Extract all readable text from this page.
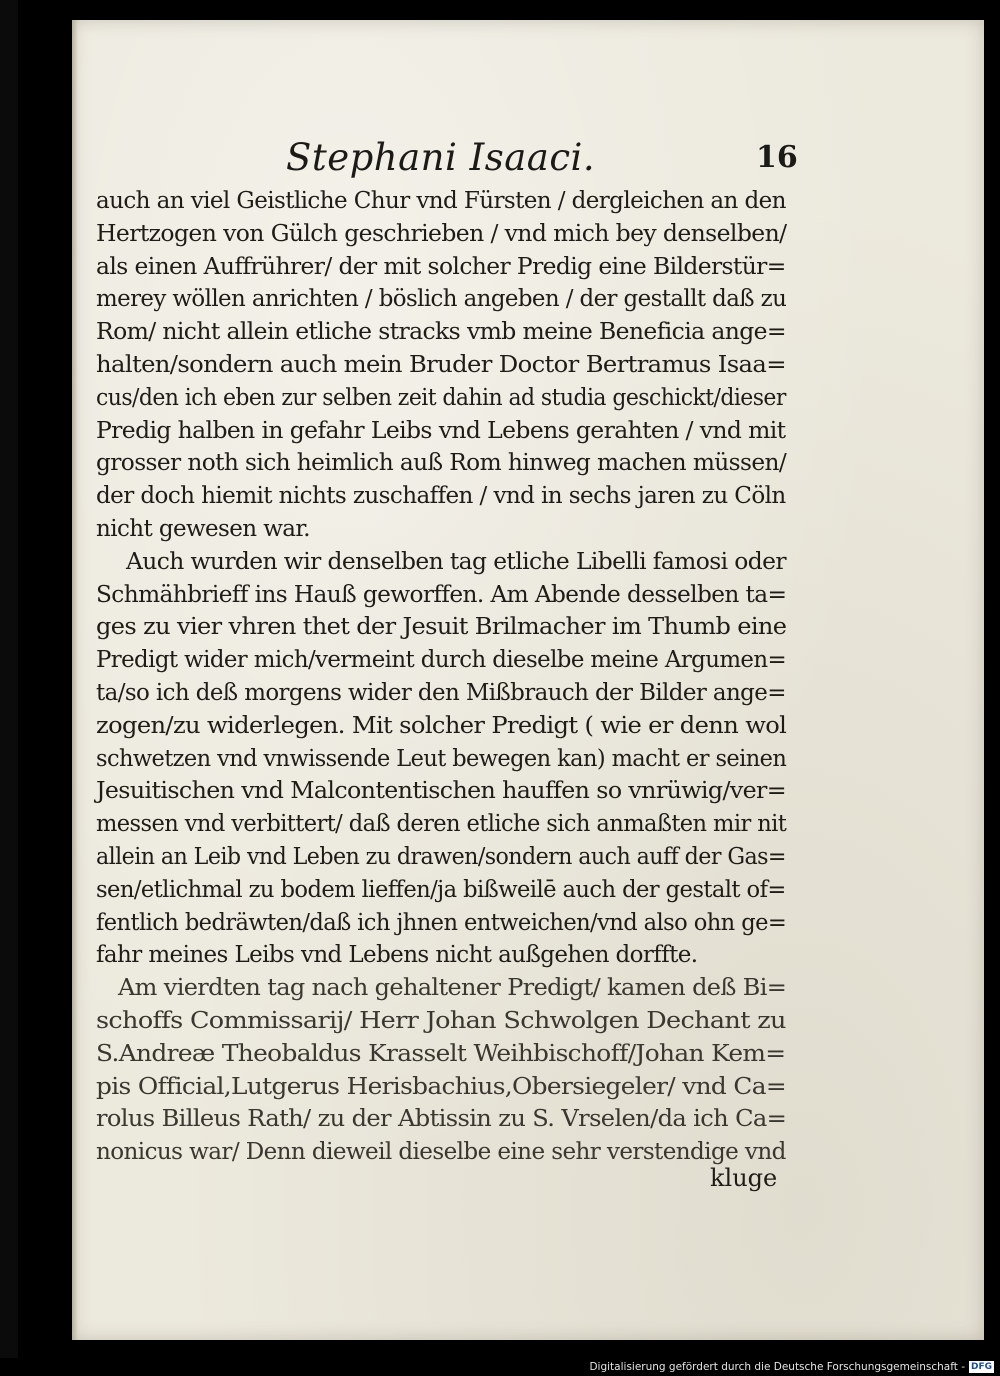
Stephani Isaaci.	16
auch an viel Geistliche Chur vnd Fürsten / dergleichen an den
Hertzogen von Gülch geschrieben / vnd mich bey denselben/
als einen Auffrührer/ der mit solcher Predig eine Bilderstür=
merey wöllen anrichten / böslich angeben / der gestallt daß zu
Rom/ nicht allein etliche stracks vmb meine Beneficia ange=
halten/sondern auch mein Bruder Doctor Bertramus Isaa=
cus/den ich eben zur selben zeit dahin ad studia geschickt/dieser
Predig halben in gefahr Leibs vnd Lebens gerahten / vnd mit
grosser noth sich heimlich auß Rom hinweg machen müssen/
der doch hiemit nichts zuschaffen / vnd in sechs jaren zu Cöln
nicht gewesen war.
Auch wurden wir denselben tag etliche Libelli famosi oder
Schmähbrieff ins Hauß geworffen. Am Abende desselben ta=
ges zu vier vhren thet der Jesuit Brilmacher im Thumb eine
Predigt wider mich/vermeint durch dieselbe meine Argumen=
ta/so ich deß morgens wider den Mißbrauch der Bilder ange=
zogen/zu widerlegen. Mit solcher Predigt ( wie er denn wol
schwetzen vnd vnwissende Leut bewegen kan) macht er seinen
Jesuitischen vnd Malcontentischen hauffen so vnrüwig/ver=
messen vnd verbittert/ daß deren etliche sich anmaßten mir nit
allein an Leib vnd Leben zu drawen/sondern auch auff der Gas=
sen/etlichmal zu bodem lieffen/ja bißweilē auch der gestalt of=
fentlich bedräwten/daß ich jhnen entweichen/vnd also ohn ge=
fahr meines Leibs vnd Lebens nicht außgehen dorffte.
Am vierdten tag nach gehaltener Predigt/ kamen deß Bi=
schoffs Commissarij/ Herr Johan Schwolgen Dechant zu
S.Andreæ Theobaldus Krasselt Weihbischoff/Johan Kem=
pis Official,Lutgerus Herisbachius,Obersiegeler/ vnd Ca=
rolus Billeus Rath/ zu der Abtissin zu S. Vrselen/da ich Ca=
nonicus war/ Denn dieweil dieselbe eine sehr verstendige vnd
kluge
Digitalisierung gefördert durch die Deutsche Forschungsgemeinschaft - DFG
